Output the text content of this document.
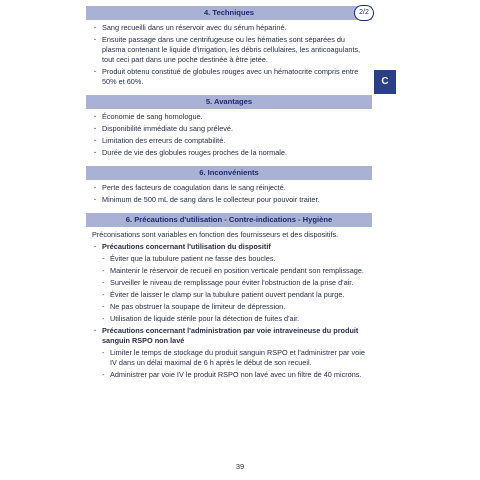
4. Techniques	2/2
· Sang recueilli dans un réservoir avec du sérum hépariné.
· Ensuite passage dans une centrifugeuse ou les hématies sont séparées du plasma contenant le liquide d'irrigation, les débris cellulaires, les anticoagulants, tout ceci part dans une poche destinée à être jetée.
· Produit obtenu constitué de globules rouges avec un hématocrite compris entre 50% et 60%.
5. Avantages
· Économie de sang homologue.
· Disponibilité immédiate du sang prélevé.
· Limitation des erreurs de comptabilité.
· Durée de vie des globules rouges proches de la normale.
6. Inconvénients
· Perte des facteurs de coagulation dans le sang réinjecté.
· Minimum de 500 mL de sang dans le collecteur pour pouvoir traiter.
6. Précautions d'utilisation - Contre-indications - Hygiène
Préconisations sont variables en fonction des fournisseurs et des dispositifs.
· Précautions concernant l'utilisation du dispositif
- Éviter que la tubulure patient ne fasse des boucles.
- Maintenir le réservoir de recueil en position verticale pendant son remplissage.
- Surveiller le niveau de remplissage pour éviter l'obstruction de la prise d'air.
- Éviter de laisser le clamp sur la tubulure patient ouvert pendant la purge.
- Ne pas obstruer la soupape de limiteur de dépression.
- Utilisation de liquide stérile pour la détection de fuites d'air.
· Précautions concernant l'administration par voie intraveineuse du produit sanguin RSPO non lavé
- Limiter le temps de stockage du produit sanguin RSPO et l'administrer par voie IV dans un délai maximal de 6 h après le début de son recueil.
- Administrer par voie IV le produit RSPO non lavé avec un filtre de 40 microns.
C
39
